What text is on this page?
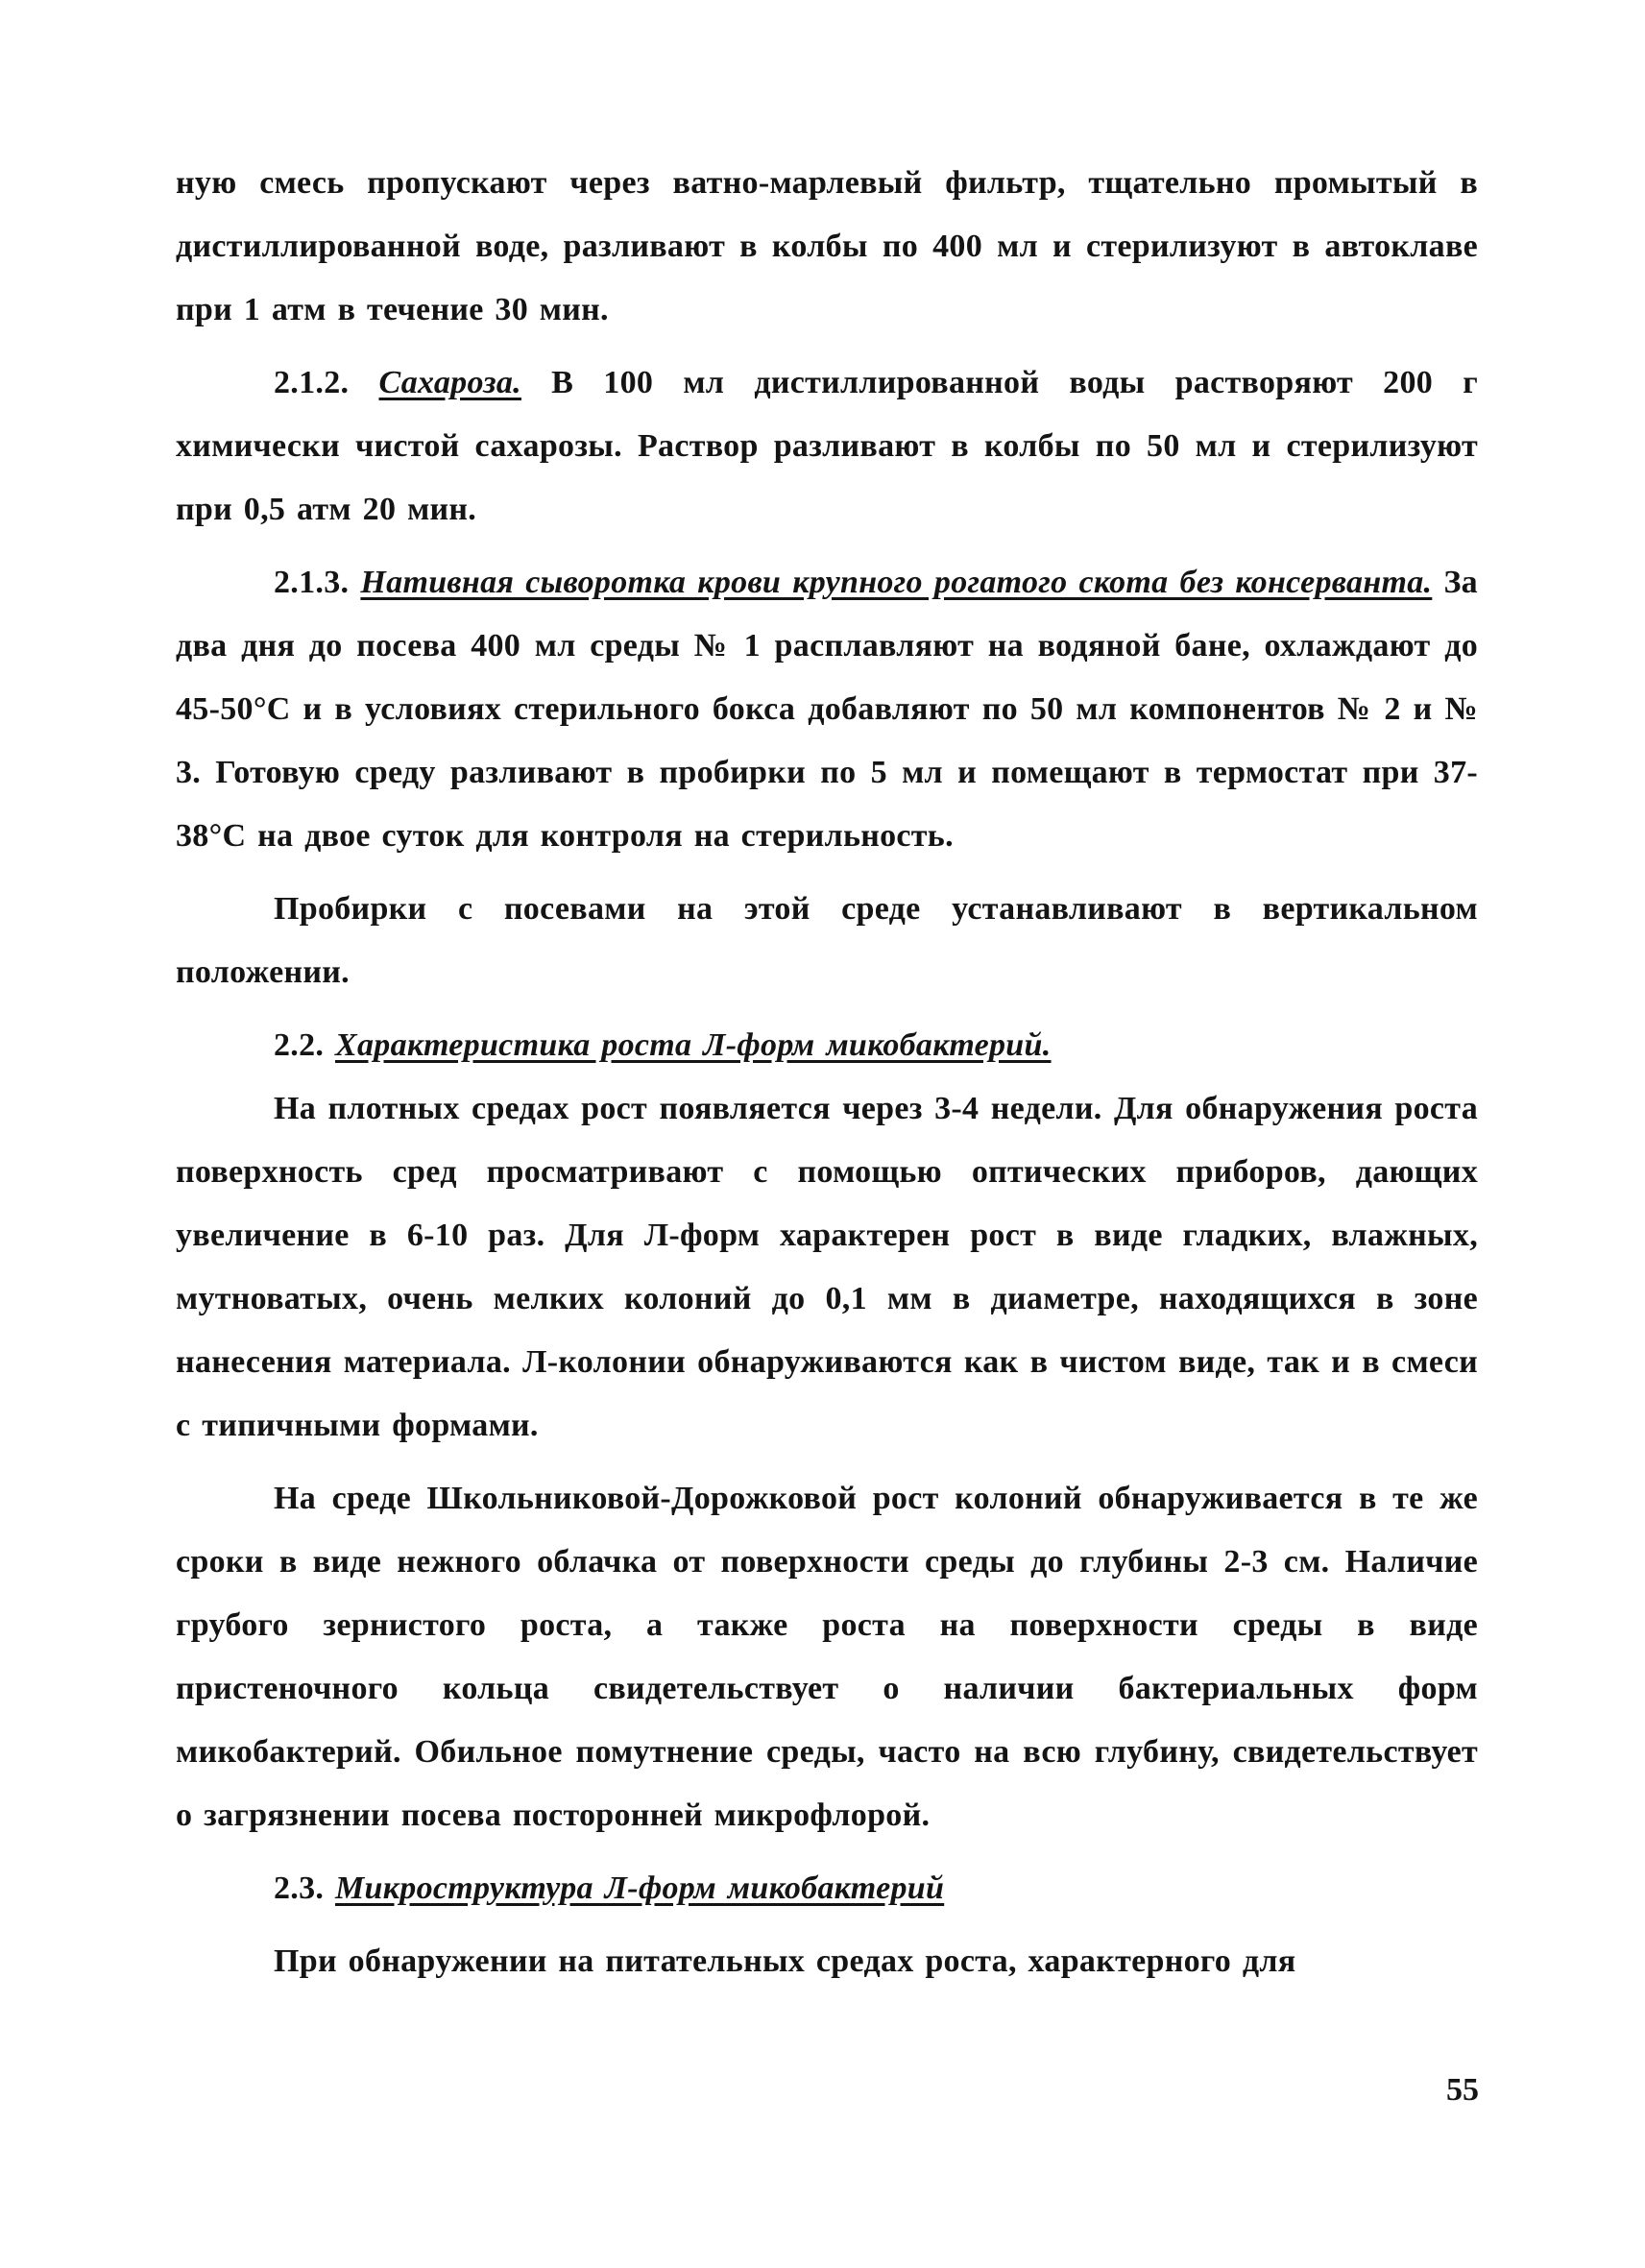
ную смесь пропускают через ватно-марлевый фильтр, тщательно промытый в дистиллированной воде, разливают в колбы по 400 мл и стерилизуют в автоклаве при 1 атм в течение 30 мин.

2.1.2. Сахароза. В 100 мл дистиллированной воды растворяют 200 г химически чистой сахарозы. Раствор разливают в колбы по 50 мл и стерилизуют при 0,5 атм 20 мин.

2.1.3. Нативная сыворотка крови крупного рогатого скота без консерванта. За два дня до посева 400 мл среды № 1 расплавляют на водяной бане, охлаждают до 45-50°С и в условиях стерильного бокса добавляют по 50 мл компонентов № 2 и № 3. Готовую среду разливают в пробирки по 5 мл и помещают в термостат при 37-38°С на двое суток для контроля на стерильность.

Пробирки с посевами на этой среде устанавливают в вертикальном положении.

2.2. Характеристика роста Л-форм микобактерий.

На плотных средах рост появляется через 3-4 недели. Для обнаружения роста поверхность сред просматривают с помощью оптических приборов, дающих увеличение в 6-10 раз. Для Л-форм характерен рост в виде гладких, влажных, мутноватых, очень мелких колоний до 0,1 мм в диаметре, находящихся в зоне нанесения материала. Л-колонии обнаруживаются как в чистом виде, так и в смеси с типичными формами.

На среде Школьниковой-Дорожковой рост колоний обнаруживается в те же сроки в виде нежного облачка от поверхности среды до глубины 2-3 см. Наличие грубого зернистого роста, а также роста на поверхности среды в виде пристеночного кольца свидетельствует о наличии бактериальных форм микобактерий. Обильное помутнение среды, часто на всю глубину, свидетельствует о загрязнении посева посторонней микрофлорой.

2.3. Микроструктура Л-форм микобактерий

При обнаружении на питательных средах роста, характерного для

55
